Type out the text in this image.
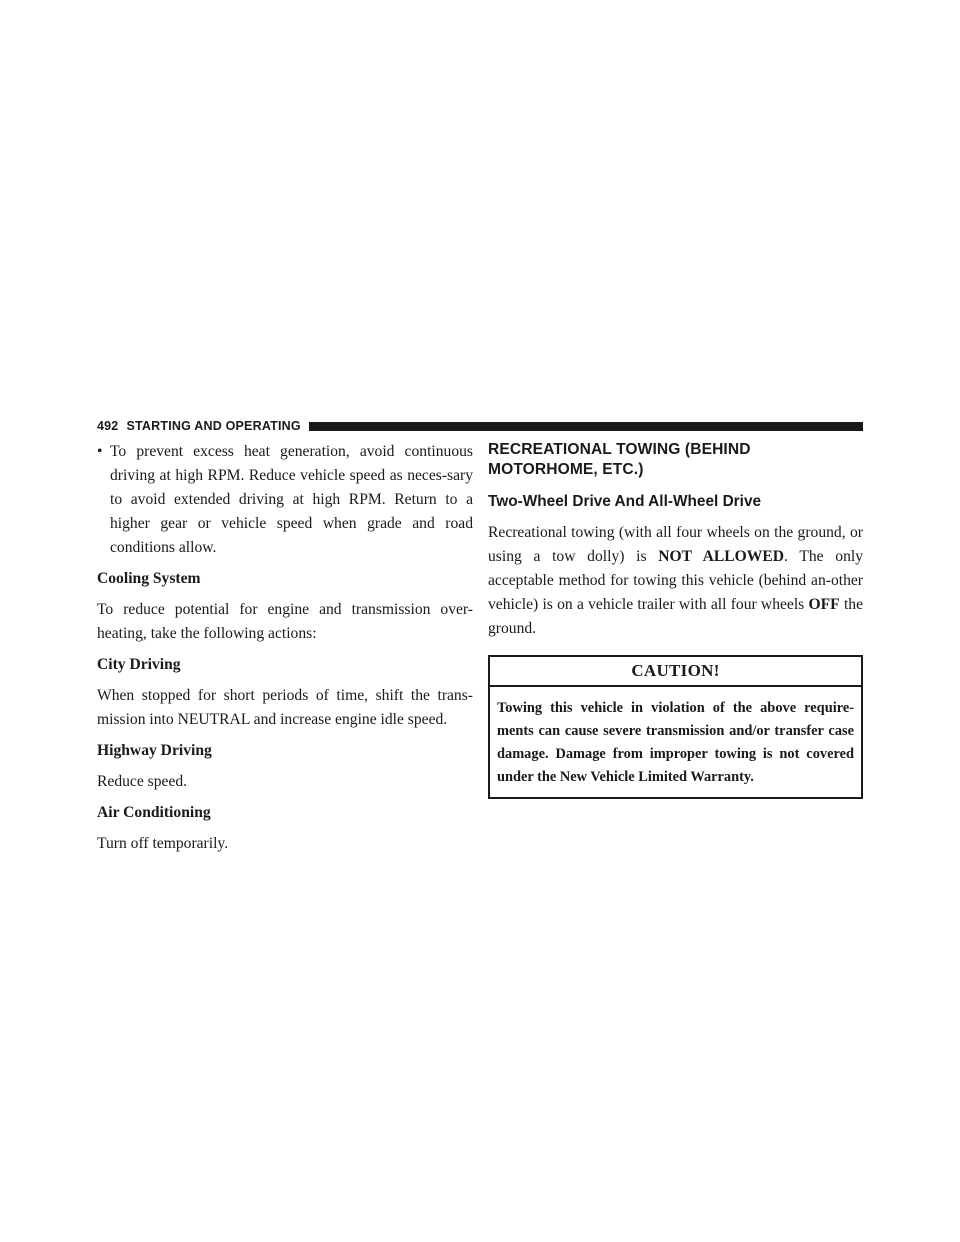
492 STARTING AND OPERATING
• To prevent excess heat generation, avoid continuous driving at high RPM. Reduce vehicle speed as neces-sary to avoid extended driving at high RPM. Return to a higher gear or vehicle speed when grade and road conditions allow.
Cooling System

To reduce potential for engine and transmission over-heating, take the following actions:

City Driving

When stopped for short periods of time, shift the trans-mission into NEUTRAL and increase engine idle speed.

Highway Driving

Reduce speed.

Air Conditioning

Turn off temporarily.

RECREATIONAL TOWING (BEHIND MOTORHOME, ETC.)
Two-Wheel Drive And All-Wheel Drive

Recreational towing (with all four wheels on the ground, or using a tow dolly) is NOT ALLOWED. The only acceptable method for towing this vehicle (behind an-other vehicle) is on a vehicle trailer with all four wheels OFF the ground.

CAUTION!
Towing this vehicle in violation of the above require-ments can cause severe transmission and/or transfer case damage. Damage from improper towing is not covered under the New Vehicle Limited Warranty.
